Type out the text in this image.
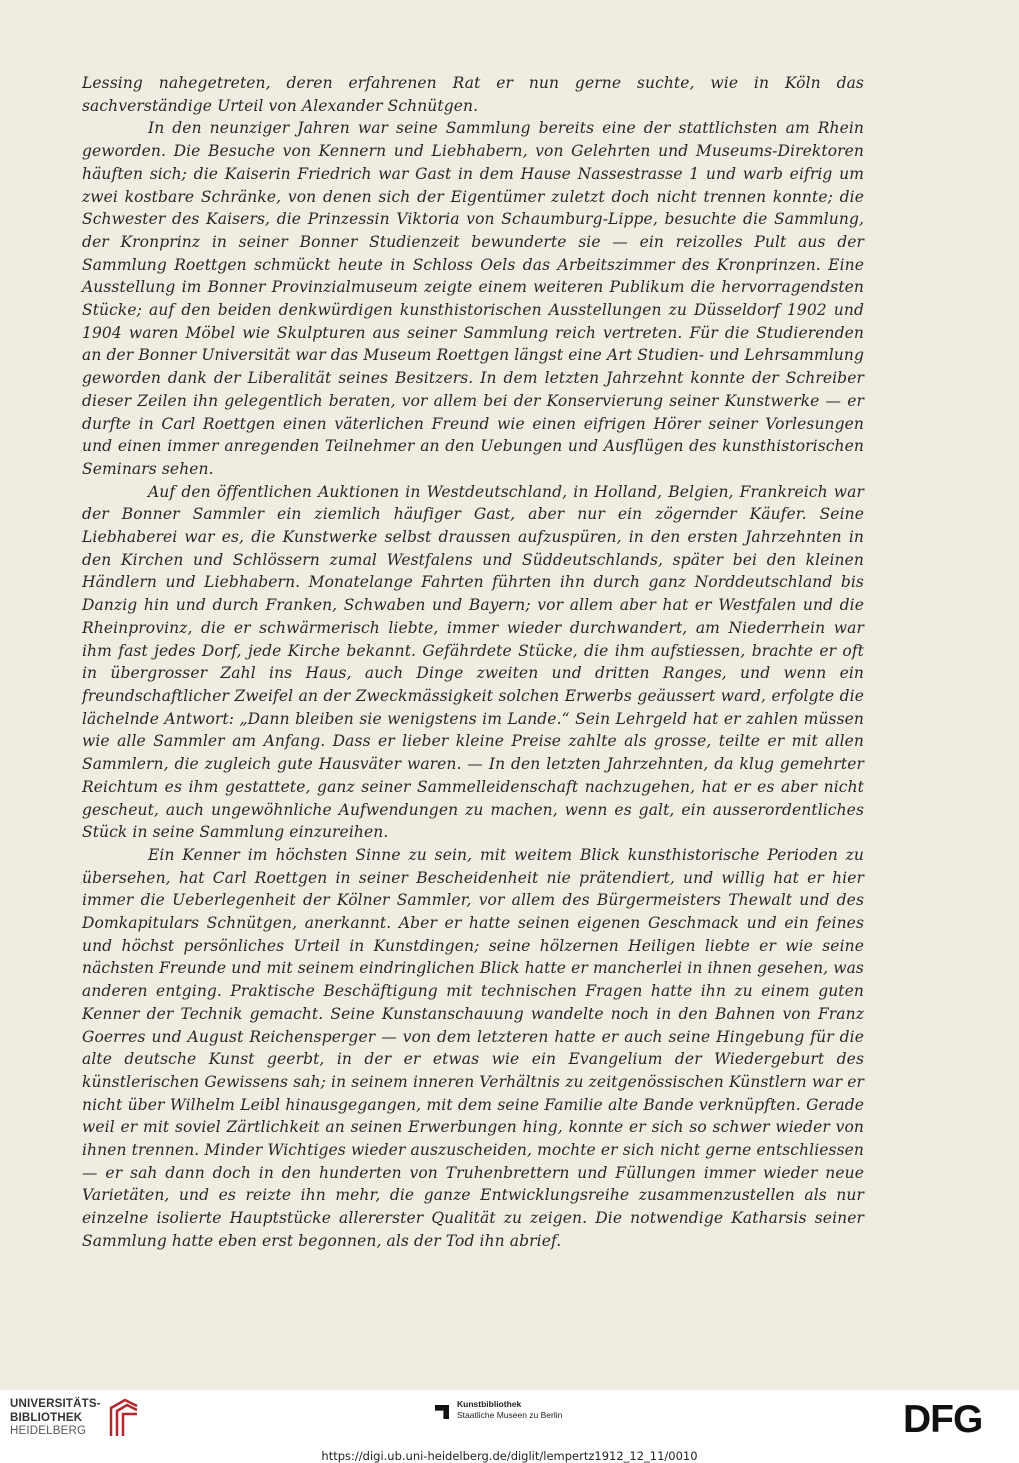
Lessing nahegetreten, deren erfahrenen Rat er nun gerne suchte, wie in Köln das sachverständige Urteil von Alexander Schnütgen.

In den neunziger Jahren war seine Sammlung bereits eine der stattlichsten am Rhein geworden. Die Besuche von Kennern und Liebhabern, von Gelehrten und Museums-Direktoren häuften sich; die Kaiserin Friedrich war Gast in dem Hause Nassestrasse 1 und warb eifrig um zwei kostbare Schränke, von denen sich der Eigentümer zuletzt doch nicht trennen konnte; die Schwester des Kaisers, die Prinzessin Viktoria von Schaumburg-Lippe, besuchte die Sammlung, der Kronprinz in seiner Bonner Studienzeit bewunderte sie — ein reizolles Pult aus der Sammlung Roettgen schmückt heute in Schloss Oels das Arbeitszimmer des Kronprinzen. Eine Ausstellung im Bonner Provinzialmuseum zeigte einem weiteren Publikum die hervorragendsten Stücke; auf den beiden denkwürdigen kunsthistorischen Ausstellungen zu Düsseldorf 1902 und 1904 waren Möbel wie Skulpturen aus seiner Sammlung reich vertreten. Für die Studierenden an der Bonner Universität war das Museum Roettgen längst eine Art Studien- und Lehrsammlung geworden dank der Liberalität seines Besitzers. In dem letzten Jahrzehnt konnte der Schreiber dieser Zeilen ihn gelegentlich beraten, vor allem bei der Konservierung seiner Kunstwerke — er durfte in Carl Roettgen einen väterlichen Freund wie einen eifrigen Hörer seiner Vorlesungen und einen immer anregenden Teilnehmer an den Uebungen und Ausflügen des kunsthistorischen Seminars sehen.

Auf den öffentlichen Auktionen in Westdeutschland, in Holland, Belgien, Frankreich war der Bonner Sammler ein ziemlich häufiger Gast, aber nur ein zögernder Käufer. Seine Liebhaberei war es, die Kunstwerke selbst draussen aufzuspüren, in den ersten Jahrzehnten in den Kirchen und Schlössern zumal Westfalens und Süddeutschlands, später bei den kleinen Händlern und Liebhabern. Monatelange Fahrten führten ihn durch ganz Norddeutschland bis Danzig hin und durch Franken, Schwaben und Bayern; vor allem aber hat er Westfalen und die Rheinprovinz, die er schwärmerisch liebte, immer wieder durchwandert, am Niederrhein war ihm fast jedes Dorf, jede Kirche bekannt. Gefährdete Stücke, die ihm aufstiessen, brachte er oft in übergrosser Zahl ins Haus, auch Dinge zweiten und dritten Ranges, und wenn ein freundschaftlicher Zweifel an der Zweckmässigkeit solchen Erwerbs geäussert ward, erfolgte die lächelnde Antwort: „Dann bleiben sie wenigstens im Lande.“ Sein Lehrgeld hat er zahlen müssen wie alle Sammler am Anfang. Dass er lieber kleine Preise zahlte als grosse, teilte er mit allen Sammlern, die zugleich gute Hausväter waren. — In den letzten Jahrzehnten, da klug gemehrter Reichtum es ihm gestattete, ganz seiner Sammelleidenschaft nachzugehen, hat er es aber nicht gescheut, auch ungewöhnliche Aufwendungen zu machen, wenn es galt, ein ausserordentliches Stück in seine Sammlung einzureihen.

Ein Kenner im höchsten Sinne zu sein, mit weitem Blick kunsthistorische Perioden zu übersehen, hat Carl Roettgen in seiner Bescheidenheit nie prätendiert, und willig hat er hier immer die Ueberlegenheit der Kölner Sammler, vor allem des Bürgermeisters Thewalt und des Domkapitulars Schnütgen, anerkannt. Aber er hatte seinen eigenen Geschmack und ein feines und höchst persönliches Urteil in Kunstdingen; seine hölzernen Heiligen liebte er wie seine nächsten Freunde und mit seinem eindringlichen Blick hatte er mancherlei in ihnen gesehen, was anderen entging. Praktische Beschäftigung mit technischen Fragen hatte ihn zu einem guten Kenner der Technik gemacht. Seine Kunstanschauung wandelte noch in den Bahnen von Franz Goerres und August Reichensperger — von dem letzteren hatte er auch seine Hingebung für die alte deutsche Kunst geerbt, in der er etwas wie ein Evangelium der Wiedergeburt des künstlerischen Gewissens sah; in seinem inneren Verhältnis zu zeitgenössischen Künstlern war er nicht über Wilhelm Leibl hinausgegangen, mit dem seine Familie alte Bande verknüpften. Gerade weil er mit soviel Zärtlichkeit an seinen Erwerbungen hing, konnte er sich so schwer wieder von ihnen trennen. Minder Wichtiges wieder auszuscheiden, mochte er sich nicht gerne entschliessen — er sah dann doch in den hunderten von Truhenbrettern und Füllungen immer wieder neue Varietäten, und es reizte ihn mehr, die ganze Entwicklungsreihe zusammenzustellen als nur einzelne isolierte Hauptstücke allererster Qualität zu zeigen. Die notwendige Katharsis seiner Sammlung hatte eben erst begonnen, als der Tod ihn abrief.

UNIVERSITÄTS-
BIBLIOTHEK
HEIDELBERG
Kunstbibliothek
Staatliche Museen zu Berlin	DFG
https://digi.ub.uni-heidelberg.de/diglit/lempertz1912_12_11/0010
